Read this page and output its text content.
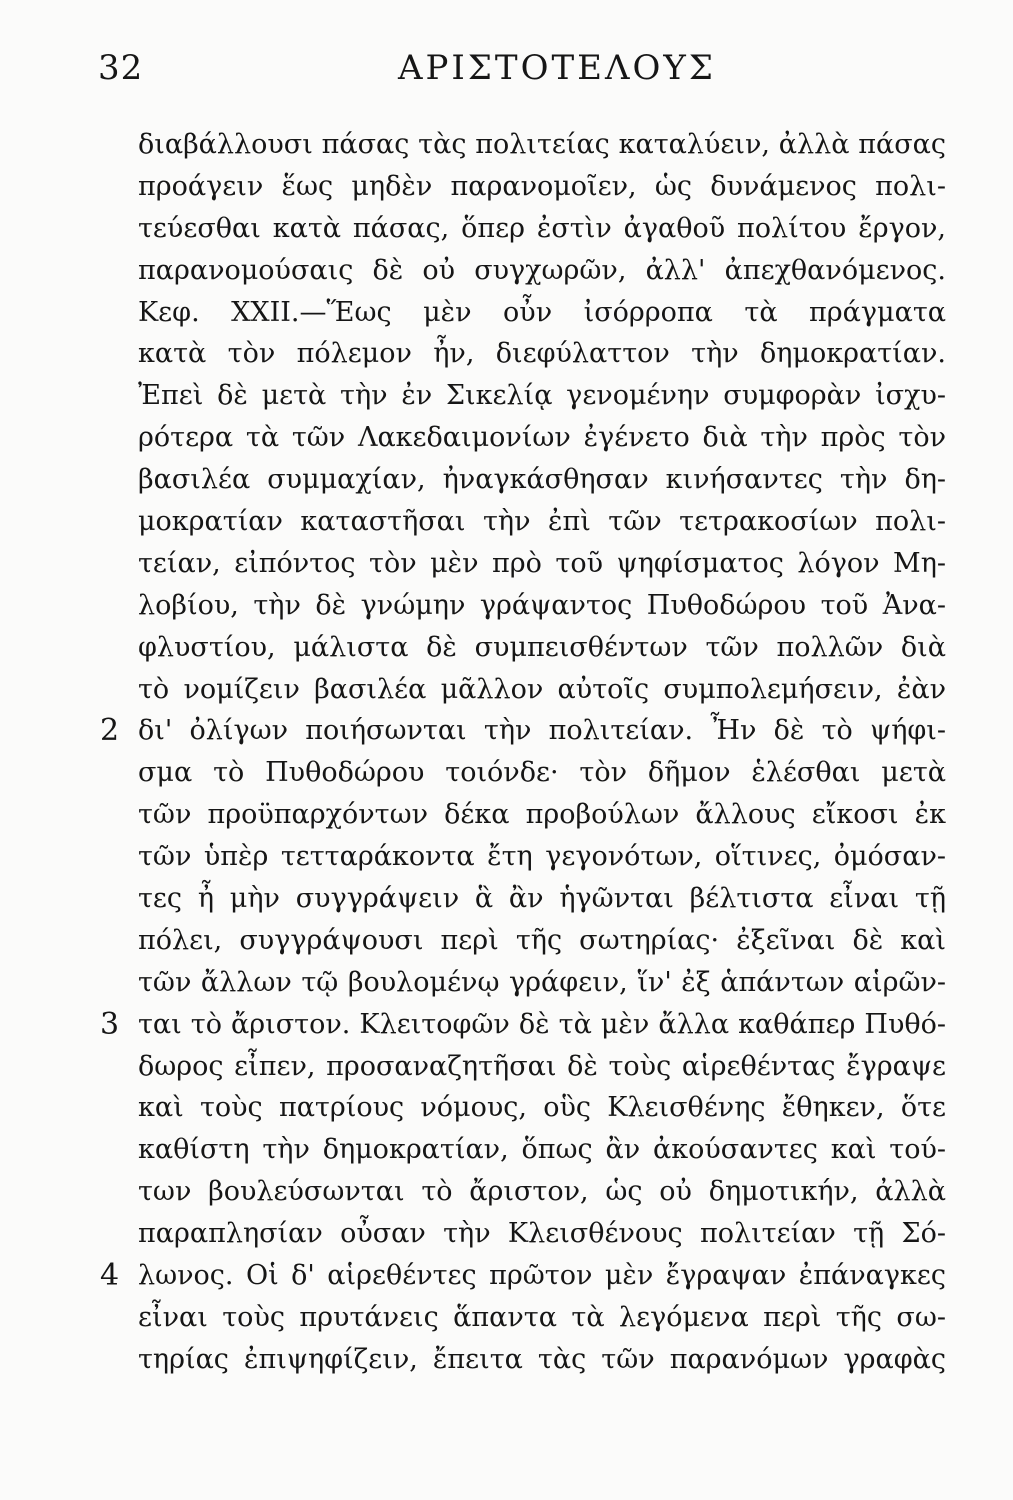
32	ΑΡΙΣΤΟΤΕΛΟΥΣ
διαβάλλουσι πάσας τὰς πολιτείας καταλύειν, ἀλλὰ πάσας
προάγειν ἕως μηδὲν παρανομοῖεν, ὡς δυνάμενος πολι-
τεύεσθαι κατὰ πάσας, ὅπερ ἐστὶν ἀγαθοῦ πολίτου ἔργον,
παρανομούσαις δὲ οὐ συγχωρῶν, ἀλλ' ἀπεχθανόμενος.
Κεφ. XXII.—Ἕως μὲν οὖν ἰσόρροπα τὰ πράγματα
κατὰ τὸν πόλεμον ἦν, διεφύλαττον τὴν δημοκρατίαν.
Ἐπεὶ δὲ μετὰ τὴν ἐν Σικελίᾳ γενομένην συμφορὰν ἰσχυ-
ρότερα τὰ τῶν Λακεδαιμονίων ἐγένετο διὰ τὴν πρὸς τὸν
βασιλέα συμμαχίαν, ἠναγκάσθησαν κινήσαντες τὴν δη-
μοκρατίαν καταστῆσαι τὴν ἐπὶ τῶν τετρακοσίων πολι-
τείαν, εἰπόντος τὸν μὲν πρὸ τοῦ ψηφίσματος λόγον Μη-
λοβίου, τὴν δὲ γνώμην γράψαντος Πυθοδώρου τοῦ Ἀνα-
φλυστίου, μάλιστα δὲ συμπεισθέντων τῶν πολλῶν διὰ
τὸ νομίζειν βασιλέα μᾶλλον αὐτοῖς συμπολεμήσειν, ἐὰν
2 δι' ὀλίγων ποιήσωνται τὴν πολιτείαν. Ἦν δὲ τὸ ψήφι-
σμα τὸ Πυθοδώρου τοιόνδε· τὸν δῆμον ἑλέσθαι μετὰ
τῶν προϋπαρχόντων δέκα προβούλων ἄλλους εἴκοσι ἐκ
τῶν ὑπὲρ τετταράκοντα ἔτη γεγονότων, οἵτινες, ὀμόσαν-
τες ἦ μὴν συγγράψειν ἃ ἂν ἡγῶνται βέλτιστα εἶναι τῇ
πόλει, συγγράψουσι περὶ τῆς σωτηρίας· ἐξεῖναι δὲ καὶ
τῶν ἄλλων τῷ βουλομένῳ γράφειν, ἵν' ἐξ ἁπάντων αἱρῶν-
3 ται τὸ ἄριστον. Κλειτοφῶν δὲ τὰ μὲν ἄλλα καθάπερ Πυθό-
δωρος εἶπεν, προσαναζητῆσαι δὲ τοὺς αἱρεθέντας ἔγραψε
καὶ τοὺς πατρίους νόμους, οὓς Κλεισθένης ἔθηκεν, ὅτε
καθίστη τὴν δημοκρατίαν, ὅπως ἂν ἀκούσαντες καὶ τού-
των βουλεύσωνται τὸ ἄριστον, ὡς οὐ δημοτικήν, ἀλλὰ
παραπλησίαν οὖσαν τὴν Κλεισθένους πολιτείαν τῇ Σό-
4 λωνος. Οἱ δ' αἱρεθέντες πρῶτον μὲν ἔγραψαν ἐπάναγκες
εἶναι τοὺς πρυτάνεις ἅπαντα τὰ λεγόμενα περὶ τῆς σω-
τηρίας ἐπιψηφίζειν, ἔπειτα τὰς τῶν παρανόμων γραφὰς
